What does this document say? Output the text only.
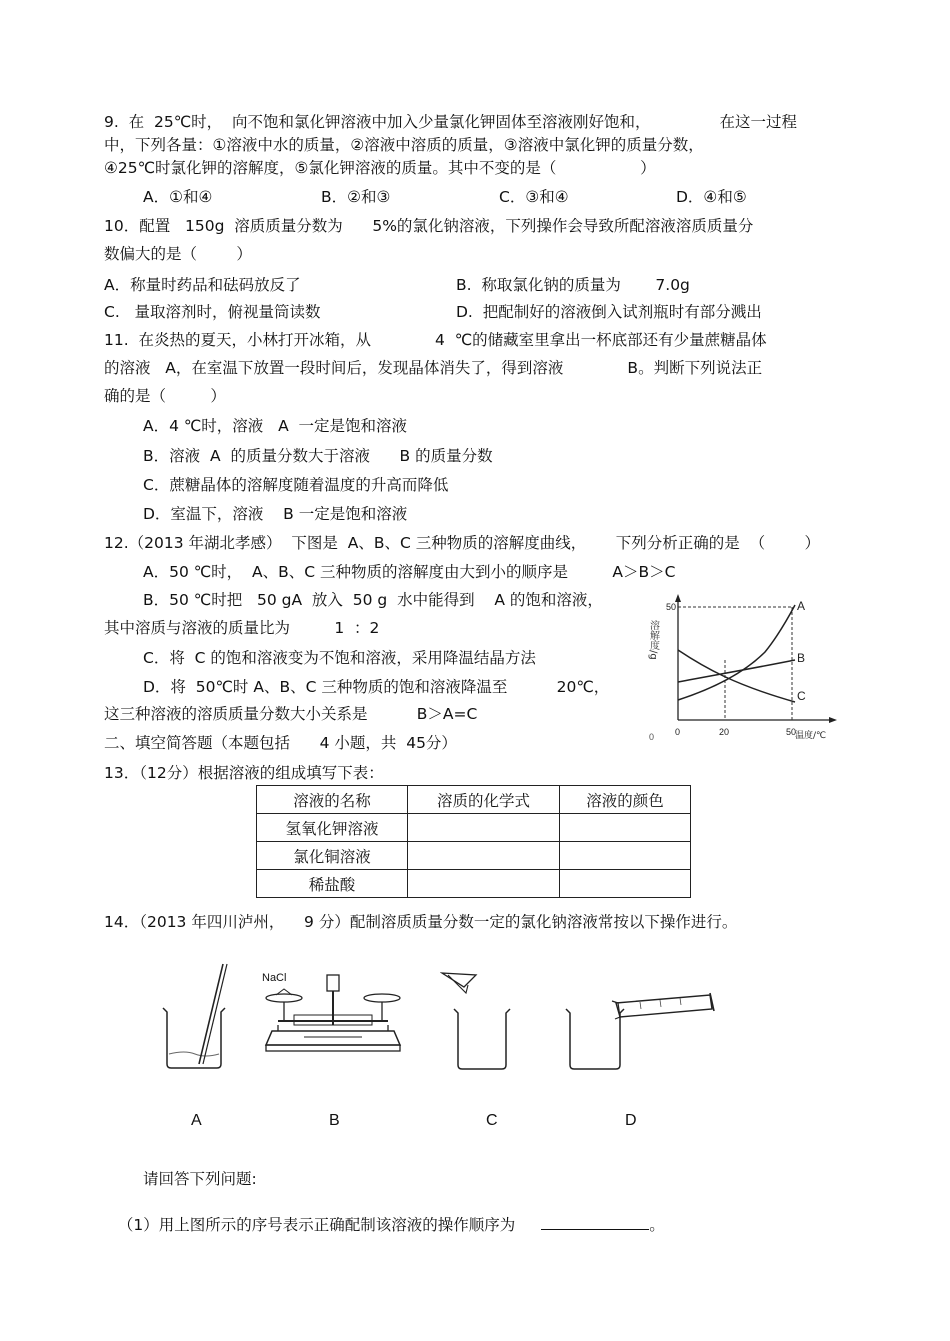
9.  在  25℃时，  向不饱和氯化钾溶液中加入少量氯化钾固体至溶液刚好饱和，              在这一过程
中，下列各量：①溶液中水的质量，②溶液中溶质的质量，③溶液中氯化钾的质量分数，
④25℃时氯化钾的溶解度，⑤氯化钾溶液的质量。其中不变的是（                 ）
A．①和④	B．②和③	C．③和④	D．④和⑤
10．配置   150g  溶质质量分数为      5%的氯化钠溶液，下列操作会导致所配溶液溶质质量分
数偏大的是（        ）
A．称量时药品和砝码放反了	B.  称取氯化钠的质量为       7.0g
C.   量取溶剂时，俯视量筒读数	D.  把配制好的溶液倒入试剂瓶时有部分溅出
11.  在炎热的夏天，小林打开冰箱，从             4  ℃的储藏室里拿出一杯底部还有少量蔗糖晶体
的溶液   A，在室温下放置一段时间后，发现晶体消失了，得到溶液             B。判断下列说法正
确的是（         ）
A．4 ℃时，溶液   A  一定是饱和溶液
B．溶液  A  的质量分数大于溶液      B 的质量分数
C．蔗糖晶体的溶解度随着温度的升高而降低
D．室温下，溶液    B 一定是饱和溶液
12.（2013 年湖北孝感）  下图是  A、B、C 三种物质的溶解度曲线，      下列分析正确的是  （        ）
A．50 ℃时，  A、B、C 三种物质的溶解度由大到小的顺序是         A＞B＞C
B．50 ℃时把   50 gA  放入  50 g  水中能得到    A 的饱和溶液，
其中溶质与溶液的质量比为         1  ：2
C．将  C 的饱和溶液变为不饱和溶液，采用降温结晶方法
D．将  50℃时 A、B、C 三种物质的饱和溶液降温至          20℃，
这三种溶液的溶质质量分数大小关系是          B＞A=C
溶解度/g
50
0	20	50
温度/℃
0
A
B
C
二、填空简答题（本题包括      4 小题，共  45分）
13．（12分）根据溶液的组成填写下表：
溶液的名称	溶质的化学式	溶液的颜色
氢氧化钾溶液		
氯化铜溶液		
稀盐酸		
14．（2013 年四川泸州，    9 分）配制溶质质量分数一定的氯化钠溶液常按以下操作进行。
A
NaCl
B	C	D
请回答下列问题:

（1）用上图所示的序号表示正确配制该溶液的操作顺序为	。
